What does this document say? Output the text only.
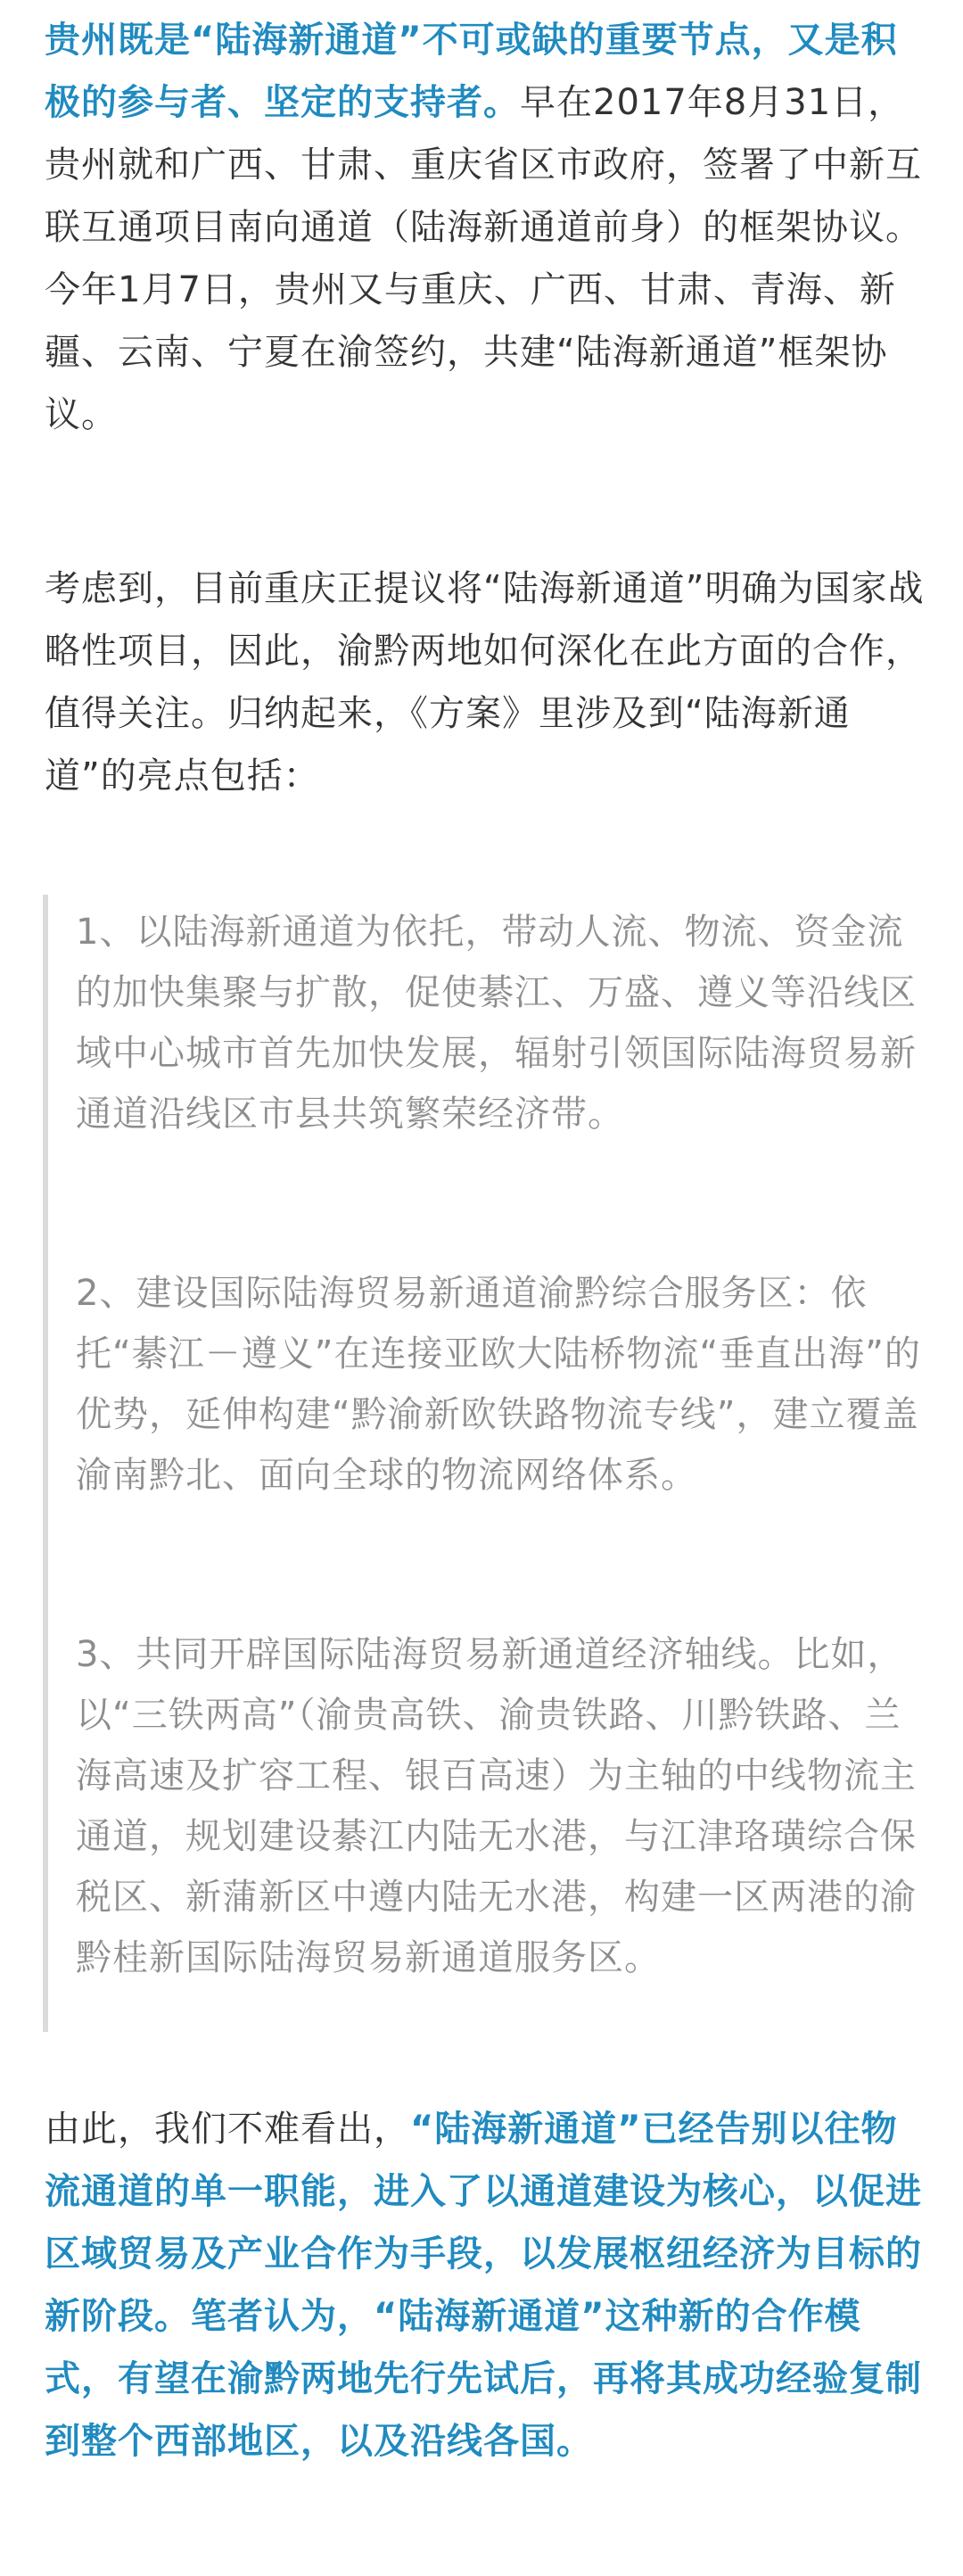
贵州既是“陆海新通道”不可或缺的重要节点，又是积极的参与者、坚定的支持者。早在2017年8月31日，贵州就和广西、甘肃、重庆省区市政府，签署了中新互联互通项目南向通道（陆海新通道前身）的框架协议。今年1月7日，贵州又与重庆、广西、甘肃、青海、新疆、云南、宁夏在渝签约，共建“陆海新通道”框架协议。

考虑到，目前重庆正提议将“陆海新通道”明确为国家战略性项目，因此，渝黔两地如何深化在此方面的合作，值得关注。归纳起来，《方案》里涉及到“陆海新通道”的亮点包括：

1、以陆海新通道为依托，带动人流、物流、资金流的加快集聚与扩散，促使綦江、万盛、遵义等沿线区域中心城市首先加快发展，辐射引领国际陆海贸易新通道沿线区市县共筑繁荣经济带。

2、建设国际陆海贸易新通道渝黔综合服务区：依托“綦江－遵义”在连接亚欧大陆桥物流“垂直出海”的优势，延伸构建“黔渝新欧铁路物流专线”，建立覆盖渝南黔北、面向全球的物流网络体系。

3、共同开辟国际陆海贸易新通道经济轴线。比如，以“三铁两高”（渝贵高铁、渝贵铁路、川黔铁路、兰海高速及扩容工程、银百高速）为主轴的中线物流主通道，规划建设綦江内陆无水港，与江津珞璜综合保税区、新蒲新区中遵内陆无水港，构建一区两港的渝黔桂新国际陆海贸易新通道服务区。

由此，我们不难看出，“陆海新通道”已经告别以往物流通道的单一职能，进入了以通道建设为核心，以促进区域贸易及产业合作为手段，以发展枢纽经济为目标的新阶段。笔者认为，“陆海新通道”这种新的合作模式，有望在渝黔两地先行先试后，再将其成功经验复制到整个西部地区，以及沿线各国。
